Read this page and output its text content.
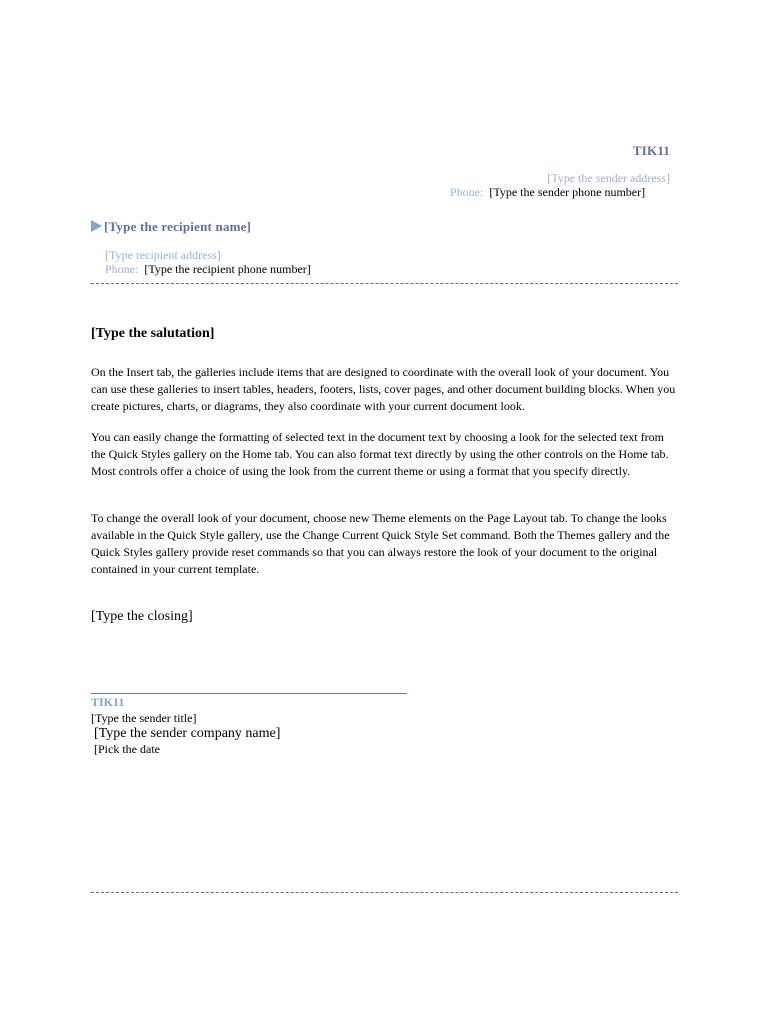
TIK11
[Type the sender address]
Phone: [Type the sender phone number]
[Type the recipient name]
[Type recipient address]
Phone: [Type the recipient phone number]
[Type the salutation]

On the Insert tab, the galleries include items that are designed to coordinate with the overall look of your document. You can use these galleries to insert tables, headers, footers, lists, cover pages, and other document building blocks. When you create pictures, charts, or diagrams, they also coordinate with your current document look.

You can easily change the formatting of selected text in the document text by choosing a look for the selected text from the Quick Styles gallery on the Home tab. You can also format text directly by using the other controls on the Home tab. Most controls offer a choice of using the look from the current theme or using a format that you specify directly.

To change the overall look of your document, choose new Theme elements on the Page Layout tab. To change the looks available in the Quick Style gallery, use the Change Current Quick Style Set command. Both the Themes gallery and the Quick Styles gallery provide reset commands so that you can always restore the look of your document to the original contained in your current template.

[Type the closing]
TIK11
[Type the sender title]
[Type the sender company name]
[Pick the date
